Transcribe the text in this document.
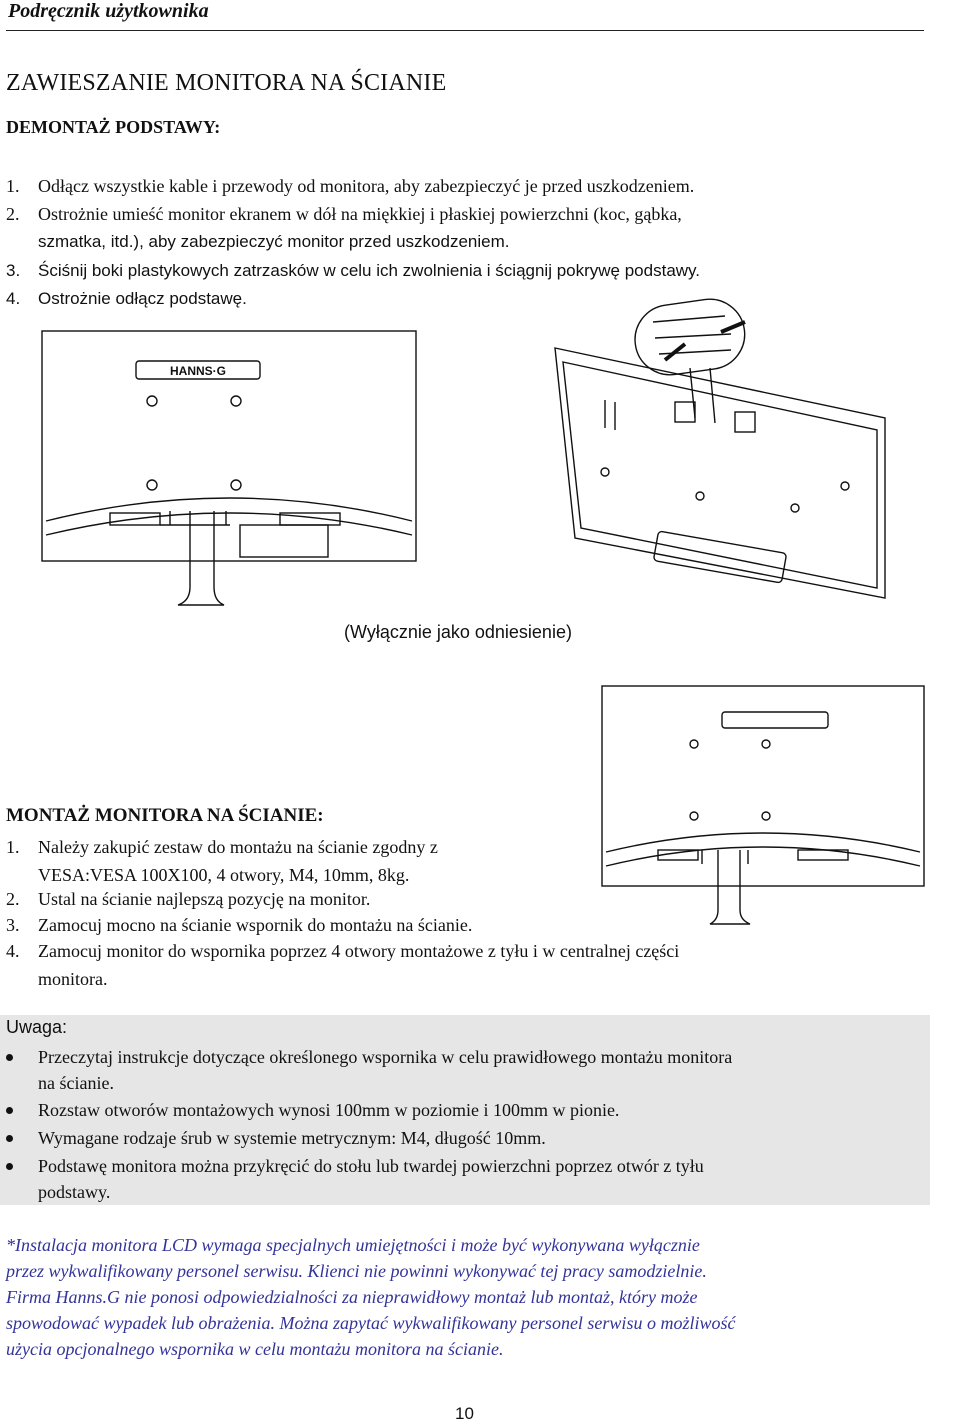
Podręcznik użytkownika
ZAWIESZANIE MONITORA NA ŚCIANIE
DEMONTAŻ PODSTAWY:
1. Odłącz wszystkie kable i przewody od monitora, aby zabezpieczyć je przed uszkodzeniem.
2. Ostrożnie umieść monitor ekranem w dół na miękkiej i płaskiej powierzchni (koc, gąbka,
szmatka, itd.), aby zabezpieczyć monitor przed uszkodzeniem.
3. Ściśnij boki plastykowych zatrzasków w celu ich zwolnienia i ściągnij pokrywę podstawy.
4. Ostrożnie odłącz podstawę.
HANNS·G
(Wyłącznie jako odniesienie)
MONTAŻ MONITORA NA ŚCIANIE:
1. Należy zakupić zestaw do montażu na ścianie zgodny z
VESA:VESA 100X100, 4 otwory, M4, 10mm, 8kg.
2. Ustal na ścianie najlepszą pozycję na monitor.
3. Zamocuj mocno na ścianie wspornik do montażu na ścianie.
4. Zamocuj monitor do wspornika poprzez 4 otwory montażowe z tyłu i w centralnej części
monitora.
Uwaga:
Przeczytaj instrukcje dotyczące określonego wspornika w celu prawidłowego montażu monitora
na ścianie.
Rozstaw otworów montażowych wynosi 100mm w poziomie i 100mm w pionie.
Wymagane rodzaje śrub w systemie metrycznym: M4, długość 10mm.
Podstawę monitora można przykręcić do stołu lub twardej powierzchni poprzez otwór z tyłu
podstawy.
*Instalacja monitora LCD wymaga specjalnych umiejętności i może być wykonywana wyłącznie
przez wykwalifikowany personel serwisu. Klienci nie powinni wykonywać tej pracy samodzielnie.
Firma Hanns.G nie ponosi odpowiedzialności za nieprawidłowy montaż lub montaż, który może
spowodować wypadek lub obrażenia. Można zapytać wykwalifikowany personel serwisu o możliwość
użycia opcjonalnego wspornika w celu montażu monitora na ścianie.
10
